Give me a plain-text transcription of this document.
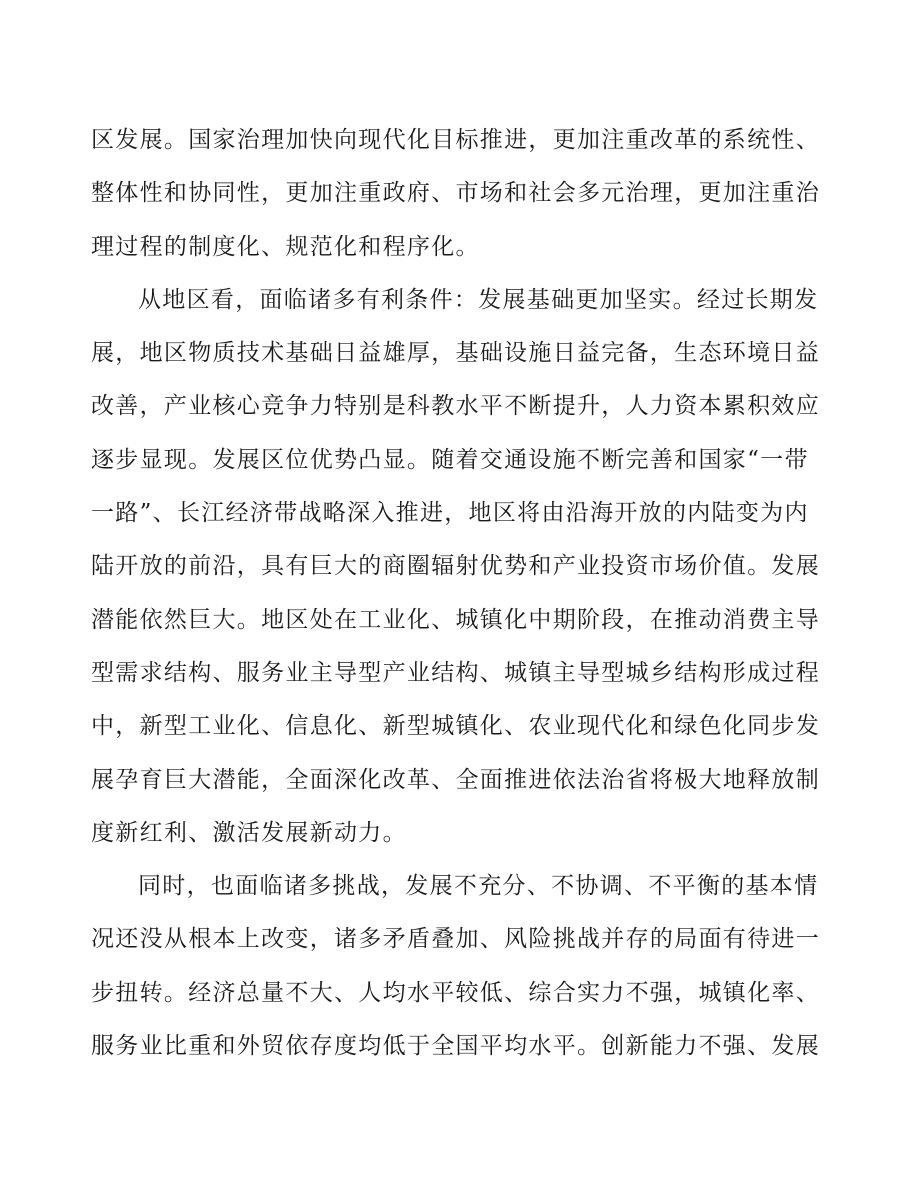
区发展。国家治理加快向现代化目标推进，更加注重改革的系统性、
整体性和协同性，更加注重政府、市场和社会多元治理，更加注重治
理过程的制度化、规范化和程序化。
从地区看，面临诸多有利条件：发展基础更加坚实。经过长期发
展，地区物质技术基础日益雄厚，基础设施日益完备，生态环境日益
改善，产业核心竞争力特别是科教水平不断提升，人力资本累积效应
逐步显现。发展区位优势凸显。随着交通设施不断完善和国家“一带
一路”、长江经济带战略深入推进，地区将由沿海开放的内陆变为内
陆开放的前沿，具有巨大的商圈辐射优势和产业投资市场价值。发展
潜能依然巨大。地区处在工业化、城镇化中期阶段，在推动消费主导
型需求结构、服务业主导型产业结构、城镇主导型城乡结构形成过程
中，新型工业化、信息化、新型城镇化、农业现代化和绿色化同步发
展孕育巨大潜能，全面深化改革、全面推进依法治省将极大地释放制
度新红利、激活发展新动力。
同时，也面临诸多挑战，发展不充分、不协调、不平衡的基本情
况还没从根本上改变，诸多矛盾叠加、风险挑战并存的局面有待进一
步扭转。经济总量不大、人均水平较低、综合实力不强，城镇化率、
服务业比重和外贸依存度均低于全国平均水平。创新能力不强、发展
